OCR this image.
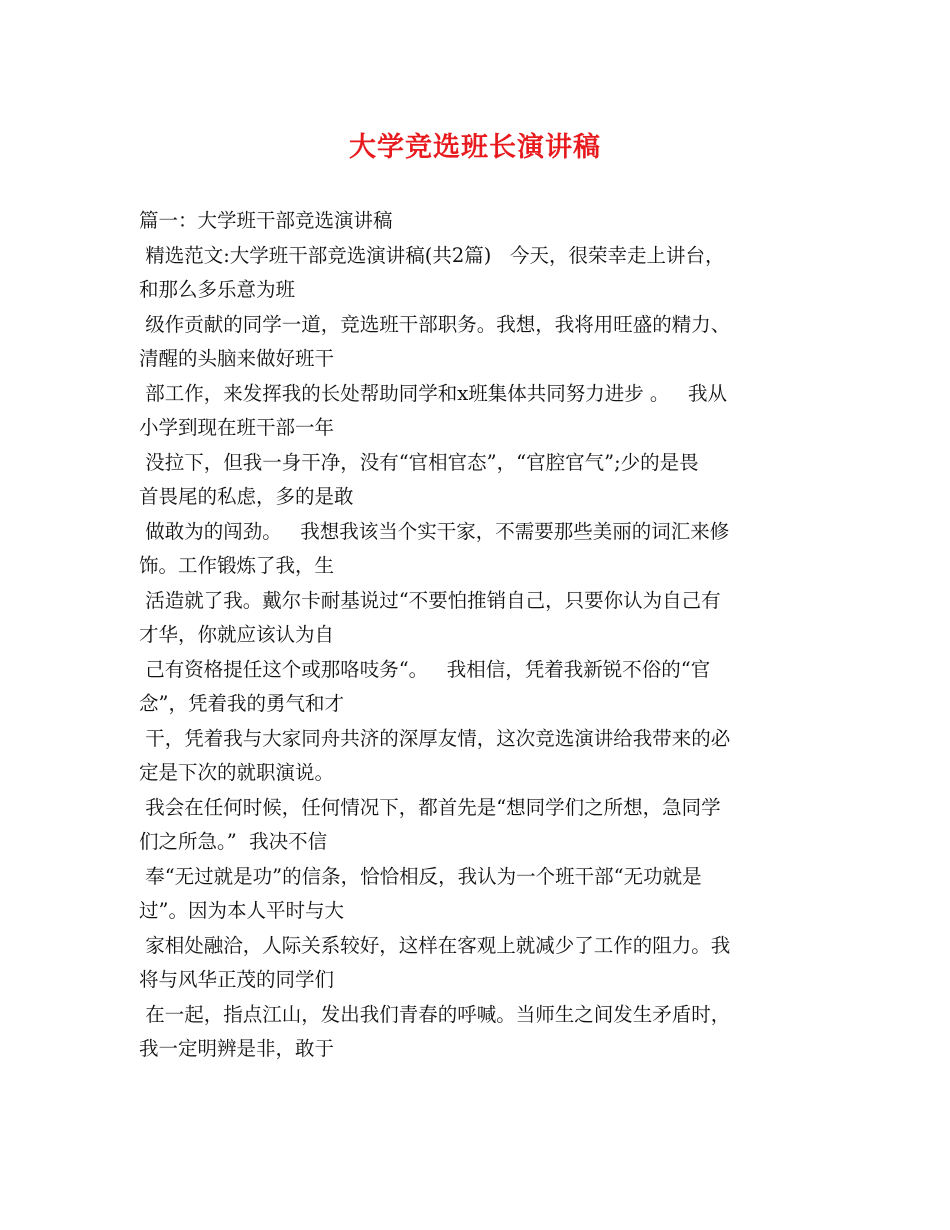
大学竞选班长演讲稿
篇一：大学班干部竞选演讲稿
精选范文:大学班干部竞选演讲稿(共2篇)   今天，很荣幸走上讲台，
和那么多乐意为班
级作贡献的同学一道，竞选班干部职务。我想，我将用旺盛的精力、
清醒的头脑来做好班干
部工作，来发挥我的长处帮助同学和x班集体共同努力进步 。   我从
小学到现在班干部一年
没拉下，但我一身干净，没有“官相官态”，“官腔官气”;少的是畏
首畏尾的私虑，多的是敢
做敢为的闯劲。   我想我该当个实干家，不需要那些美丽的词汇来修
饰。工作锻炼了我，生
活造就了我。戴尔卡耐基说过“不要怕推销自己，只要你认为自己有
才华，你就应该认为自
己有资格提任这个或那咯吱务“。   我相信，凭着我新锐不俗的“官
念”，凭着我的勇气和才
干，凭着我与大家同舟共济的深厚友情，这次竞选演讲给我带来的必
定是下次的就职演说。
我会在任何时候，任何情况下，都首先是“想同学们之所想，急同学
们之所急。”  我决不信
奉“无过就是功”的信条，恰恰相反，我认为一个班干部“无功就是
过”。因为本人平时与大
家相处融洽，人际关系较好，这样在客观上就减少了工作的阻力。我
将与风华正茂的同学们
在一起，指点江山，发出我们青春的呼喊。当师生之间发生矛盾时，
我一定明辨是非，敢于
